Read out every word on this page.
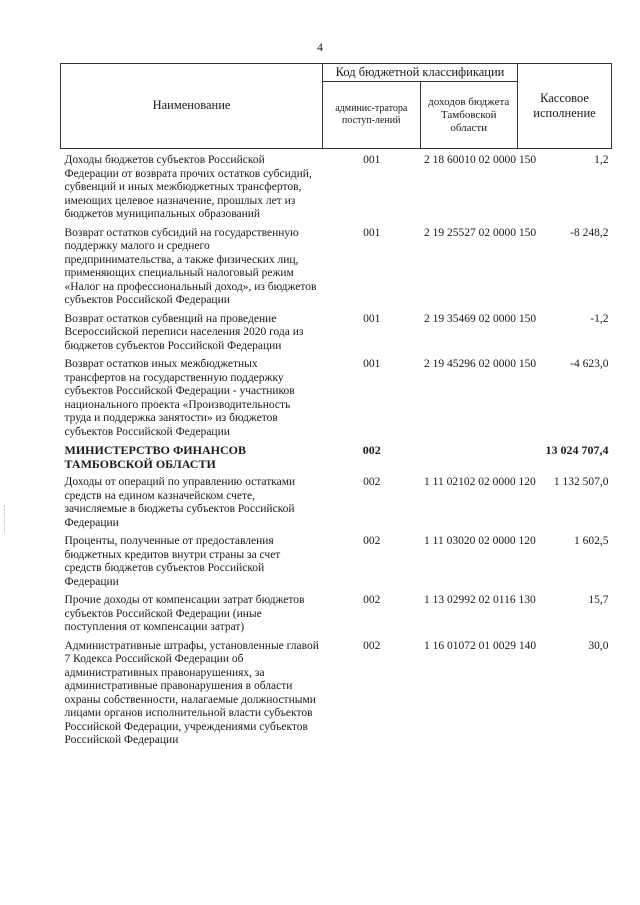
4
Наименование	Код бюджетной классификации		Кассовое исполнение
	админис-тратора поступ-лений	доходов бюджета Тамбовской области	
Доходы бюджетов субъектов Российской Федерации от возврата прочих остатков субсидий, субвенций и иных межбюджетных трансфертов, имеющих целевое назначение, прошлых лет из бюджетов муниципальных образований	001	2 18 60010 02 0000 150	1,2
Возврат остатков субсидий на государственную поддержку малого и среднего предпринимательства, а также физических лиц, применяющих специальный налоговый режим «Налог на профессиональный доход», из бюджетов субъектов Российской Федерации	001	2 19 25527 02 0000 150	-8 248,2
Возврат остатков субвенций на проведение Всероссийской переписи населения 2020 года из бюджетов субъектов Российской Федерации	001	2 19 35469 02 0000 150	-1,2
Возврат остатков иных межбюджетных трансфертов на государственную поддержку субъектов Российской Федерации - участников национального проекта «Производительность труда и поддержка занятости» из бюджетов субъектов Российской Федерации	001	2 19 45296 02 0000 150	-4 623,0
МИНИСТЕРСТВО ФИНАНСОВ ТАМБОВСКОЙ ОБЛАСТИ	002		13 024 707,4
Доходы от операций по управлению остатками средств на едином казначейском счете, зачисляемые в бюджеты субъектов Российской Федерации	002	1 11 02102 02 0000 120	1 132 507,0
Проценты, полученные от предоставления бюджетных кредитов внутри страны за счет средств бюджетов субъектов Российской Федерации	002	1 11 03020 02 0000 120	1 602,5
Прочие доходы от компенсации затрат бюджетов субъектов Российской Федерации (иные поступления от компенсации затрат)	002	1 13 02992 02 0116 130	15,7
Административные штрафы, установленные главой 7 Кодекса Российской Федерации об административных правонарушениях, за административные правонарушения в области охраны собственности, налагаемые должностными лицами органов исполнительной власти субъектов Российской Федерации, учреждениями субъектов Российской Федерации	002	1 16 01072 01 0029 140	30,0
